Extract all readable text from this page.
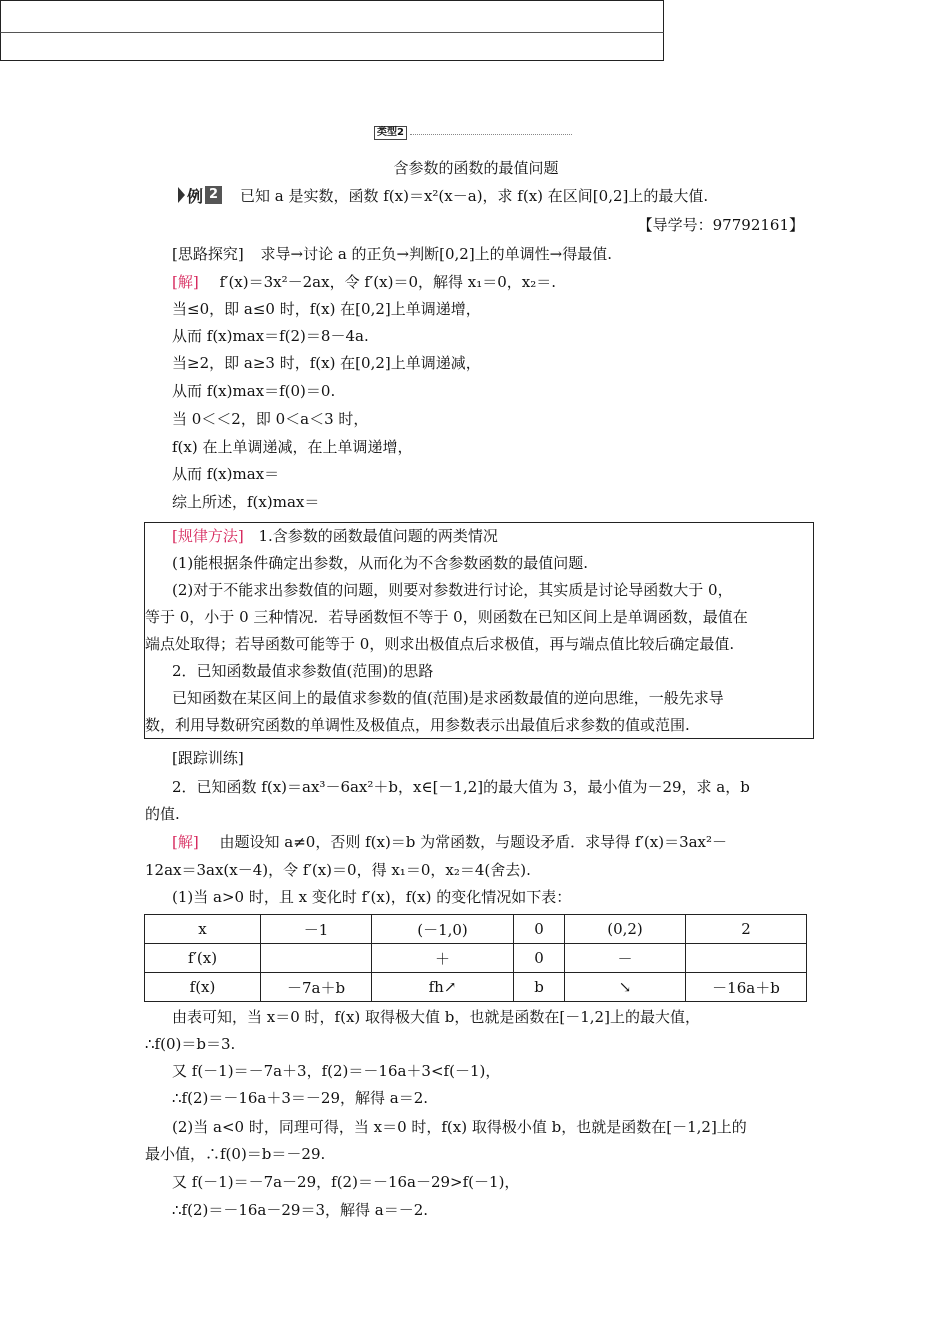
类型2
含参数的函数的最值问题
例 2 已知 a 是实数，函数 f(x)＝x²(x－a)，求 f(x) 在区间[0,2]上的最大值.
【导学号：97792161】
[思路探究] 求导→讨论 a 的正负→判断[0,2]上的单调性→得最值.
[解] f′(x)＝3x²－2ax，令 f′(x)＝0，解得 x₁＝0，x₂＝.
当≤0，即 a≤0 时，f(x) 在[0,2]上单调递增，
从而 f(x)max＝f(2)＝8－4a.
当≥2，即 a≥3 时，f(x) 在[0,2]上单调递减，
从而 f(x)max＝f(0)＝0.
当 0＜＜2，即 0＜a＜3 时，
f(x) 在上单调递减，在上单调递增，
从而 f(x)max＝
综上所述，f(x)max＝
[规律方法] 1.含参数的函数最值问题的两类情况
(1)能根据条件确定出参数，从而化为不含参数函数的最值问题.
(2)对于不能求出参数值的问题，则要对参数进行讨论，其实质是讨论导函数大于 0，
等于 0，小于 0 三种情况．若导函数恒不等于 0，则函数在已知区间上是单调函数，最值在
端点处取得；若导函数可能等于 0，则求出极值点后求极值，再与端点值比较后确定最值.
2．已知函数最值求参数值(范围)的思路
已知函数在某区间上的最值求参数的值(范围)是求函数最值的逆向思维，一般先求导
数，利用导数研究函数的单调性及极值点，用参数表示出最值后求参数的值或范围.
[跟踪训练]
2．已知函数 f(x)＝ax³－6ax²＋b，x∈[－1,2]的最大值为 3，最小值为－29，求 a，b
的值.
[解] 由题设知 a≠0，否则 f(x)＝b 为常函数，与题设矛盾．求导得 f′(x)＝3ax²－
12ax＝3ax(x－4)，令 f′(x)＝0，得 x₁＝0，x₂＝4(舍去).
(1)当 a>0 时，且 x 变化时 f′(x)，f(x) 的变化情况如下表：
x	－1	(－1,0)	0	(0,2)	2
f′(x)		＋	0	－	
f(x)	－7a＋b	fh↗	b	↘	－16a＋b
由表可知，当 x＝0 时，f(x) 取得极大值 b，也就是函数在[－1,2]上的最大值，
∴f(0)＝b＝3.
又 f(－1)＝－7a＋3，f(2)＝－16a＋3<f(－1)，
∴f(2)＝－16a＋3＝－29，解得 a＝2.
(2)当 a<0 时，同理可得，当 x＝0 时，f(x) 取得极小值 b，也就是函数在[－1,2]上的
最小值，∴f(0)＝b＝－29.
又 f(－1)＝－7a－29，f(2)＝－16a－29>f(－1)，
∴f(2)＝－16a－29＝3，解得 a＝－2.
